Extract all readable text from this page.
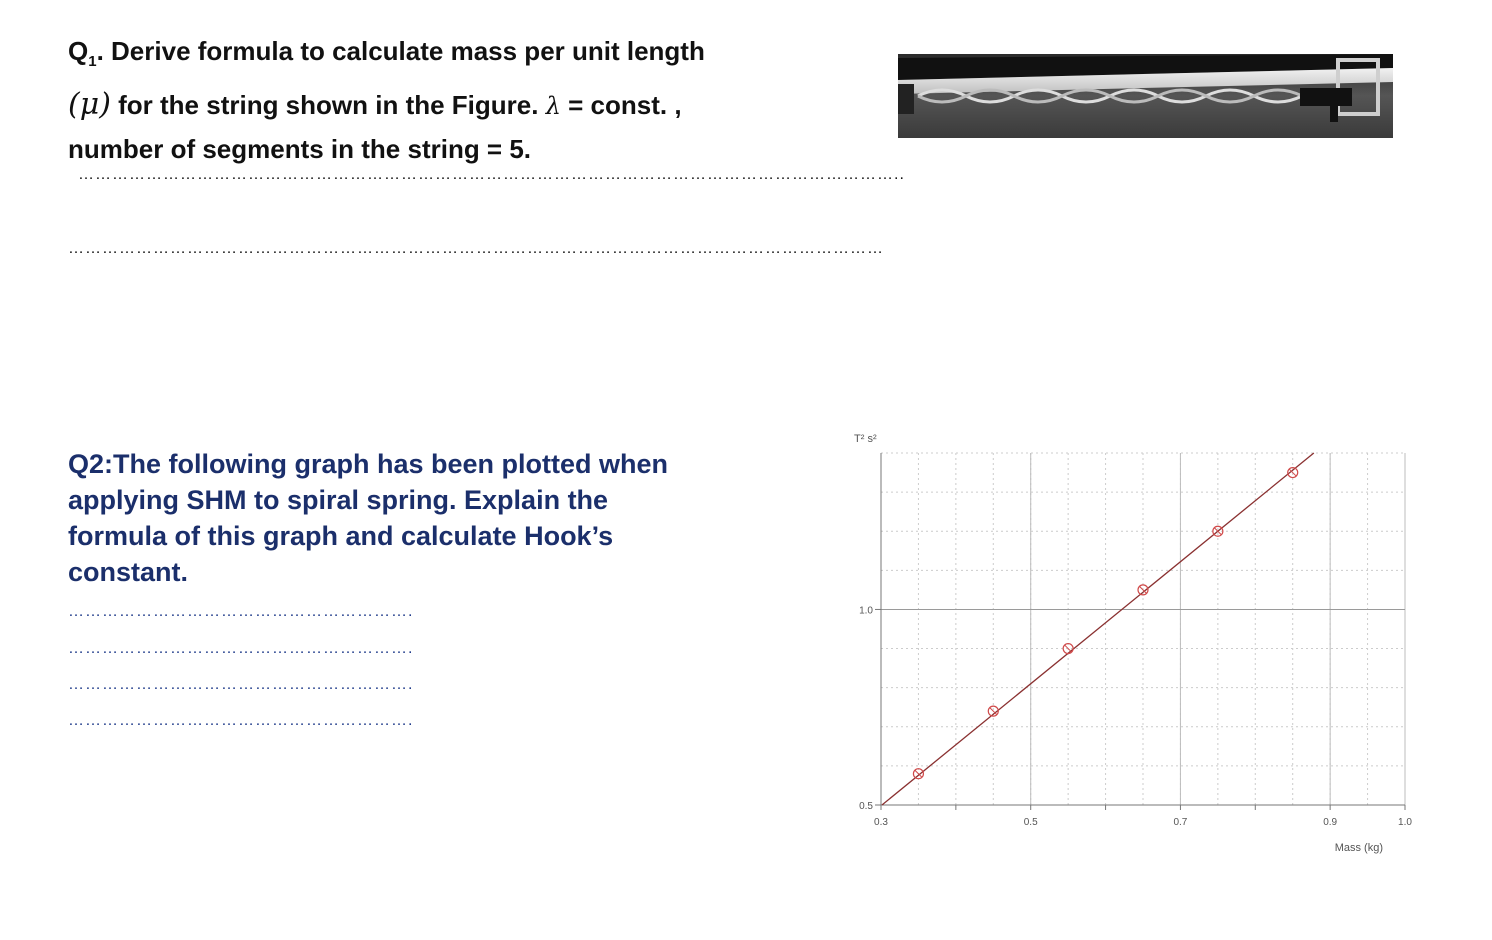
$Q_1$. Derive formula to calculate mass per unit length
(μ) for the string shown in the Figure. λ = const. ,
number of segments in the string = 5.
………………………………………………………………………………………………………………………………..
………………………………………………………………………………………………………………………………
Q2:The following graph has been plotted when
applying SHM to spiral spring. Explain the
formula of this graph and calculate Hook’s
constant.
…………………………………………………….
…………………………………………………….
…………………………………………………….
…………………………………………………….
0.3	0.5	0.7	0.9	1.0
0.5
1.0
T² s²
Mass (kg)
